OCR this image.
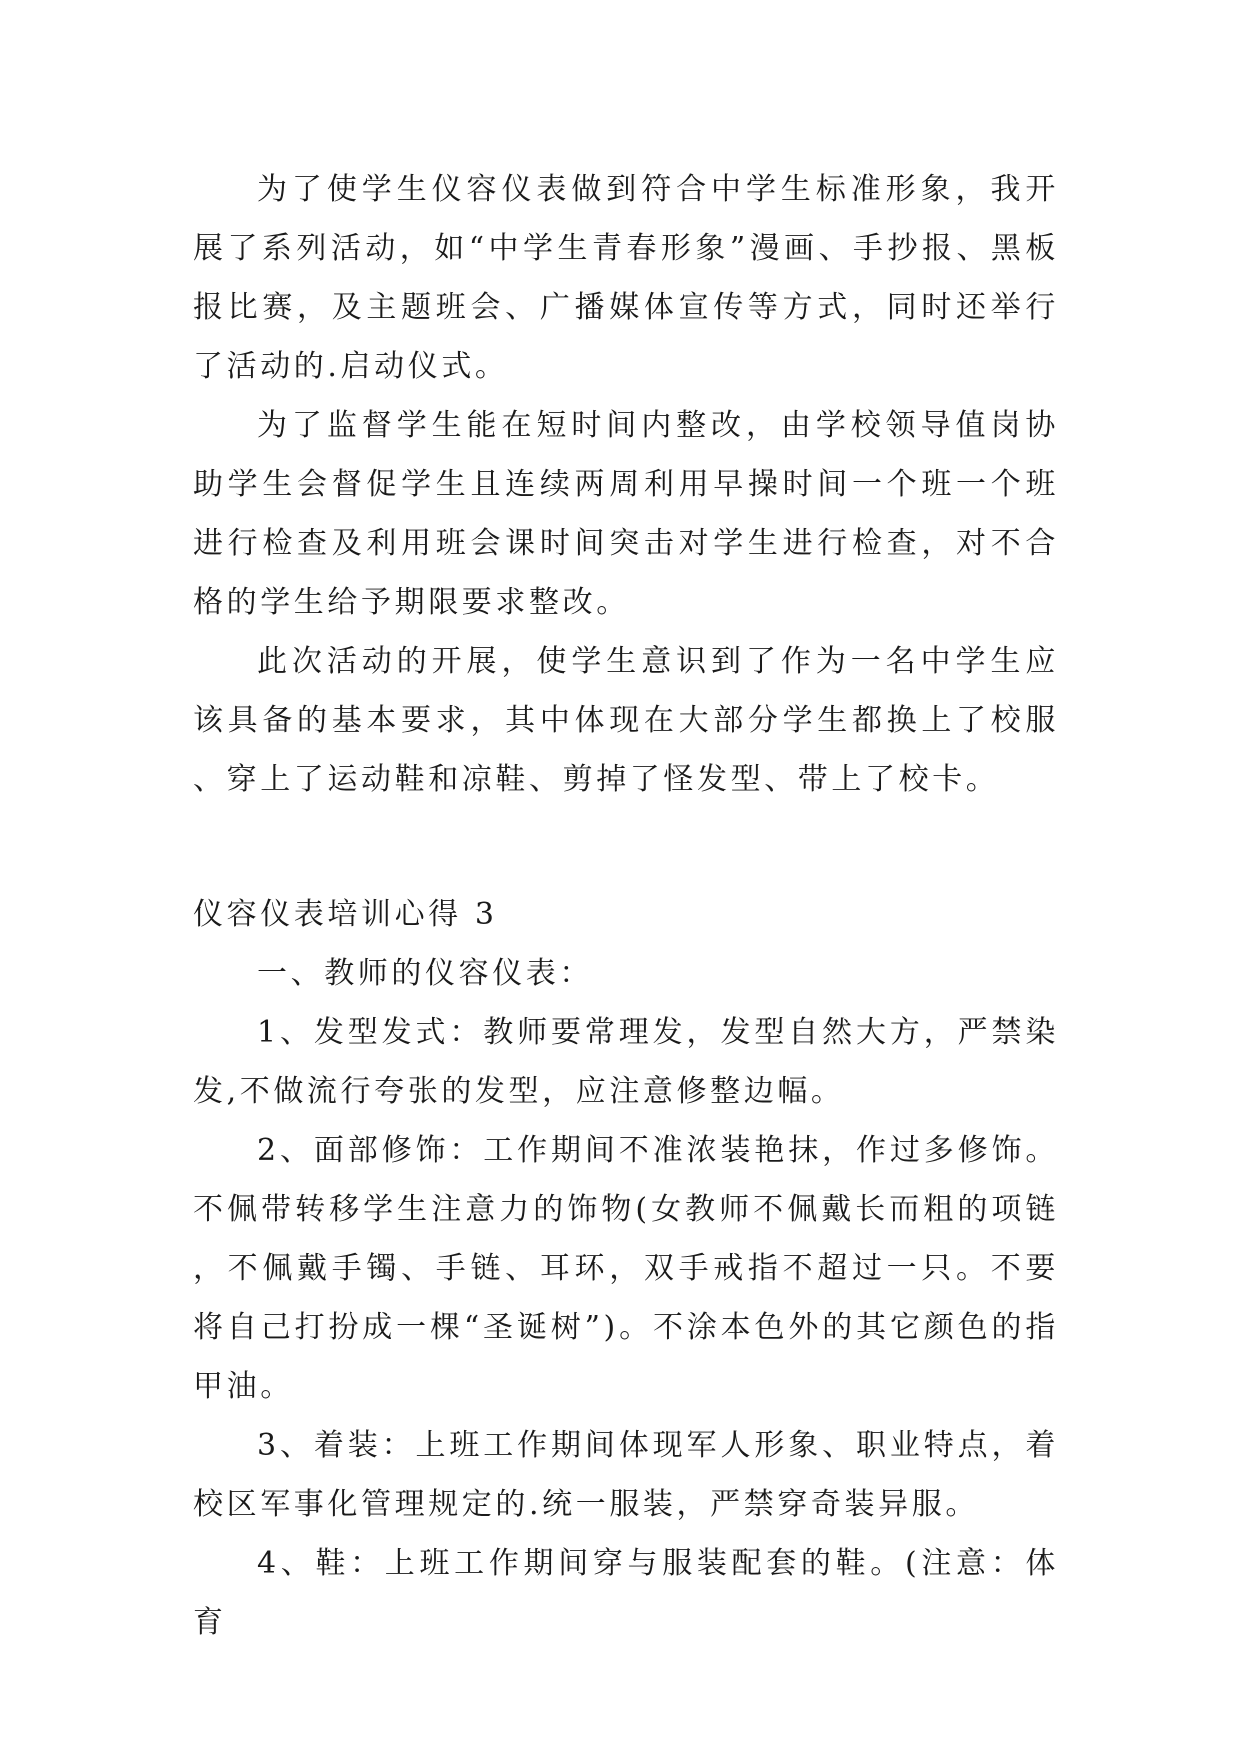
为了使学生仪容仪表做到符合中学生标准形象，我开展了系列活动，如“中学生青春形象”漫画、手抄报、黑板报比赛，及主题班会、广播媒体宣传等方式，同时还举行了活动的.启动仪式。

为了监督学生能在短时间内整改，由学校领导值岗协助学生会督促学生且连续两周利用早操时间一个班一个班进行检查及利用班会课时间突击对学生进行检查，对不合格的学生给予期限要求整改。

此次活动的开展，使学生意识到了作为一名中学生应该具备的基本要求，其中体现在大部分学生都换上了校服、穿上了运动鞋和凉鞋、剪掉了怪发型、带上了校卡。

仪容仪表培训心得 3

一、教师的仪容仪表：

1、发型发式：教师要常理发，发型自然大方，严禁染发,不做流行夸张的发型，应注意修整边幅。

2、面部修饰：工作期间不准浓装艳抹，作过多修饰。不佩带转移学生注意力的饰物(女教师不佩戴长而粗的项链，不佩戴手镯、手链、耳环，双手戒指不超过一只。不要将自己打扮成一棵“圣诞树”)。不涂本色外的其它颜色的指甲油。

3、着装：上班工作期间体现军人形象、职业特点，着校区军事化管理规定的.统一服装，严禁穿奇装异服。

4、鞋：上班工作期间穿与服装配套的鞋。(注意：体育
